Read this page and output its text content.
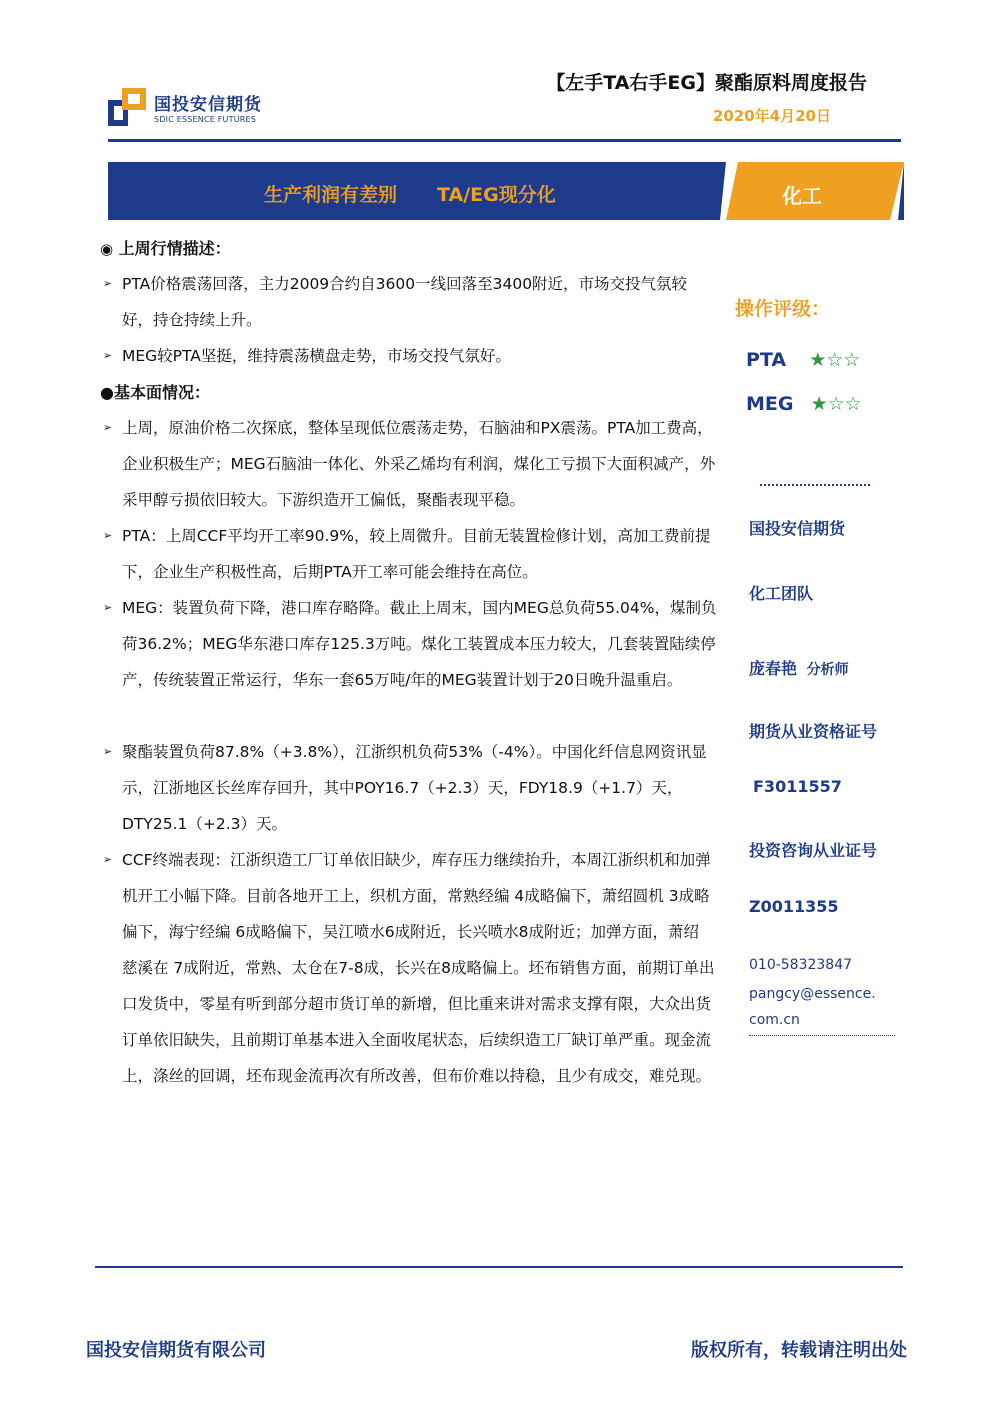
国投安信期货
SDIC ESSENCE FUTURES
【左手TA右手EG】聚酯原料周度报告
2020年4月20日
生产利润有差别 TA/EG现分化	化工
◉ 上周行情描述：
➢ PTA价格震荡回落，主力2009合约自3600一线回落至3400附近，市场交投气氛较好，持仓持续上升。
➢ MEG较PTA坚挺，维持震荡横盘走势，市场交投气氛好。
●基本面情况：
➢ 上周，原油价格二次探底，整体呈现低位震荡走势，石脑油和PX震荡。PTA加工费高，企业积极生产；MEG石脑油一体化、外采乙烯均有利润，煤化工亏损下大面积减产，外采甲醇亏损依旧较大。下游织造开工偏低，聚酯表现平稳。
➢ PTA：上周CCF平均开工率90.9%，较上周微升。目前无装置检修计划，高加工费前提下，企业生产积极性高，后期PTA开工率可能会维持在高位。
➢ MEG：装置负荷下降，港口库存略降。截止上周末，国内MEG总负荷55.04%，煤制负荷36.2%；MEG华东港口库存125.3万吨。煤化工装置成本压力较大，几套装置陆续停产，传统装置正常运行，华东一套65万吨/年的MEG装置计划于20日晚升温重启。
➢ 聚酯装置负荷87.8%（+3.8%），江浙织机负荷53%（-4%）。中国化纤信息网资讯显示，江浙地区长丝库存回升，其中POY16.7（+2.3）天，FDY18.9（+1.7）天，DTY25.1（+2.3）天。
➢ CCF终端表现：江浙织造工厂订单依旧缺少，库存压力继续抬升，本周江浙织机和加弹机开工小幅下降。目前各地开工上，织机方面，常熟经编 4成略偏下，萧绍圆机 3成略偏下，海宁经编 6成略偏下，吴江喷水6成附近，长兴喷水8成附近；加弹方面，萧绍 慈溪在 7成附近，常熟、太仓在7-8成，长兴在8成略偏上。坯布销售方面，前期订单出口发货中，零星有听到部分超市货订单的新增，但比重来讲对需求支撑有限，大众出货订单依旧缺失，且前期订单基本进入全面收尾状态，后续织造工厂缺订单严重。现金流上，涤丝的回调，坯布现金流再次有所改善，但布价难以持稳，且少有成交，难兑现。
操作评级：
PTA ★☆☆
MEG ★☆☆
国投安信期货
化工团队
庞春艳 分析师
期货从业资格证号
F3011557
投资咨询从业证号
Z0011355
010-58323847
pangcy@essence.
com.cn
国投安信期货有限公司	版权所有，转载请注明出处
